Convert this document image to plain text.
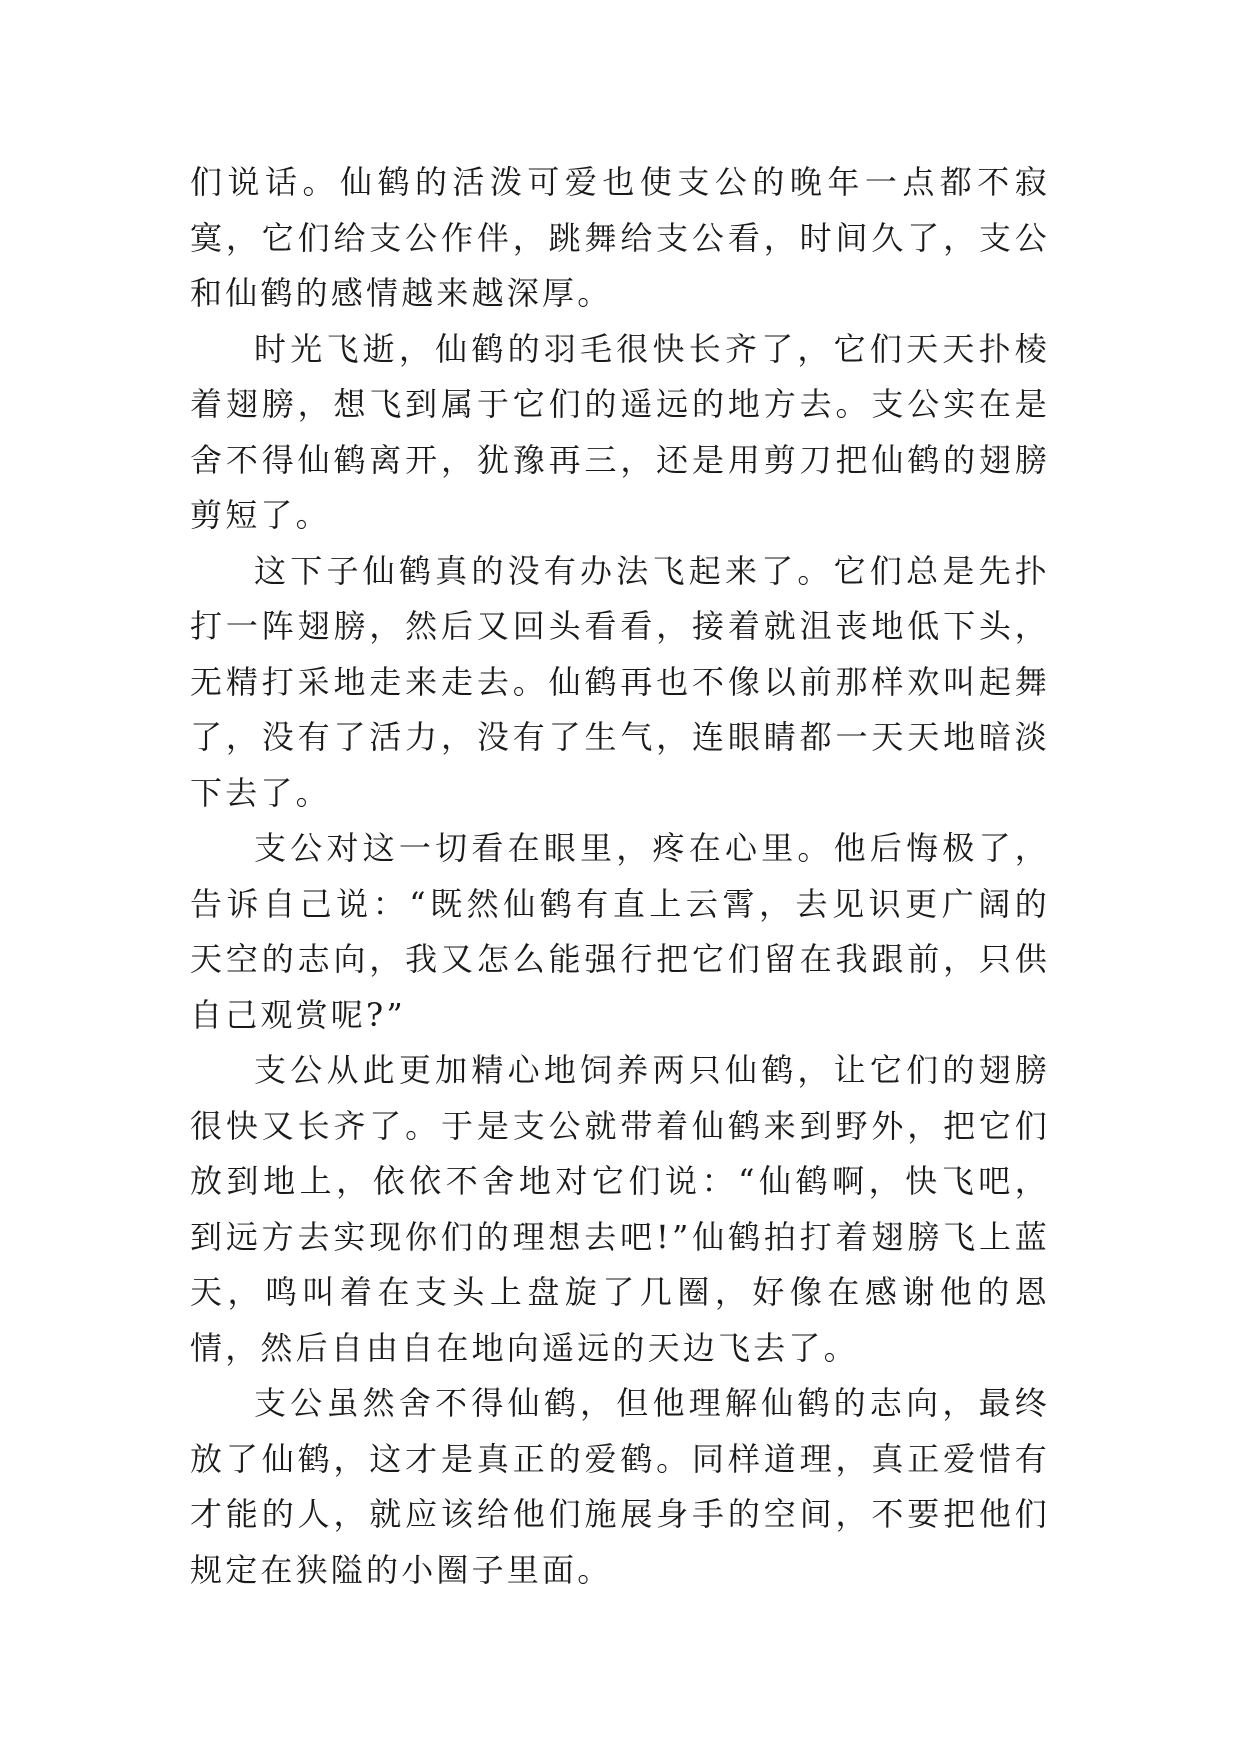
们说话。仙鹤的活泼可爱也使支公的晚年一点都不寂寞，它们给支公作伴，跳舞给支公看，时间久了，支公和仙鹤的感情越来越深厚。

时光飞逝，仙鹤的羽毛很快长齐了，它们天天扑棱着翅膀，想飞到属于它们的遥远的地方去。支公实在是舍不得仙鹤离开，犹豫再三，还是用剪刀把仙鹤的翅膀剪短了。

这下子仙鹤真的没有办法飞起来了。它们总是先扑打一阵翅膀，然后又回头看看，接着就沮丧地低下头，无精打采地走来走去。仙鹤再也不像以前那样欢叫起舞了，没有了活力，没有了生气，连眼睛都一天天地暗淡下去了。

支公对这一切看在眼里，疼在心里。他后悔极了，告诉自己说：“既然仙鹤有直上云霄，去见识更广阔的天空的志向，我又怎么能强行把它们留在我跟前，只供自己观赏呢?”

支公从此更加精心地饲养两只仙鹤，让它们的翅膀很快又长齐了。于是支公就带着仙鹤来到野外，把它们放到地上，依依不舍地对它们说：“仙鹤啊，快飞吧，到远方去实现你们的理想去吧!”仙鹤拍打着翅膀飞上蓝天，鸣叫着在支头上盘旋了几圈，好像在感谢他的恩情，然后自由自在地向遥远的天边飞去了。

支公虽然舍不得仙鹤，但他理解仙鹤的志向，最终放了仙鹤，这才是真正的爱鹤。同样道理，真正爱惜有才能的人，就应该给他们施展身手的空间，不要把他们规定在狭隘的小圈子里面。
